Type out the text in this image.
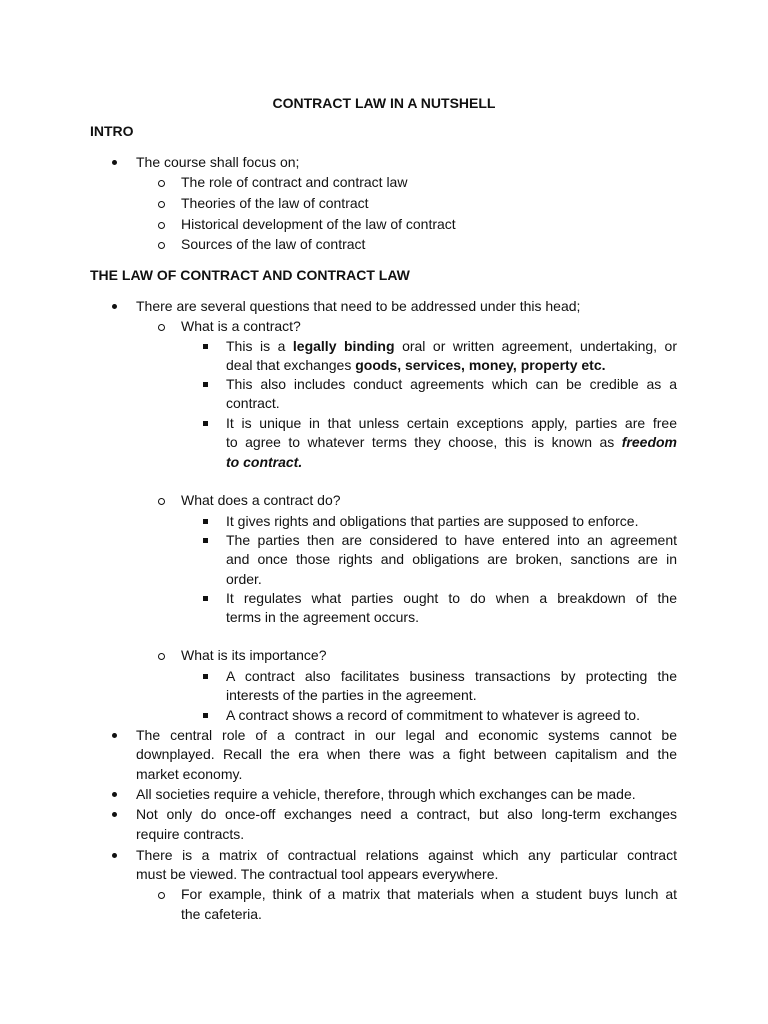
CONTRACT LAW IN A NUTSHELL
INTRO
The course shall focus on;
The role of contract and contract law
Theories of the law of contract
Historical development of the law of contract
Sources of the law of contract
THE LAW OF CONTRACT AND CONTRACT LAW
There are several questions that need to be addressed under this head;
What is a contract?
This is a legally binding oral or written agreement, undertaking, or
deal that exchanges goods, services, money, property etc.
This also includes conduct agreements which can be credible as a
contract.
It is unique in that unless certain exceptions apply, parties are free
to agree to whatever terms they choose, this is known as freedom
to contract.
What does a contract do?
It gives rights and obligations that parties are supposed to enforce.
The parties then are considered to have entered into an agreement
and once those rights and obligations are broken, sanctions are in
order.
It regulates what parties ought to do when a breakdown of the
terms in the agreement occurs.
What is its importance?
A contract also facilitates business transactions by protecting the
interests of the parties in the agreement.
A contract shows a record of commitment to whatever is agreed to.
The central role of a contract in our legal and economic systems cannot be
downplayed. Recall the era when there was a fight between capitalism and the
market economy.
All societies require a vehicle, therefore, through which exchanges can be made.
Not only do once-off exchanges need a contract, but also long-term exchanges
require contracts.
There is a matrix of contractual relations against which any particular contract
must be viewed. The contractual tool appears everywhere.
For example, think of a matrix that materials when a student buys lunch at
the cafeteria.
